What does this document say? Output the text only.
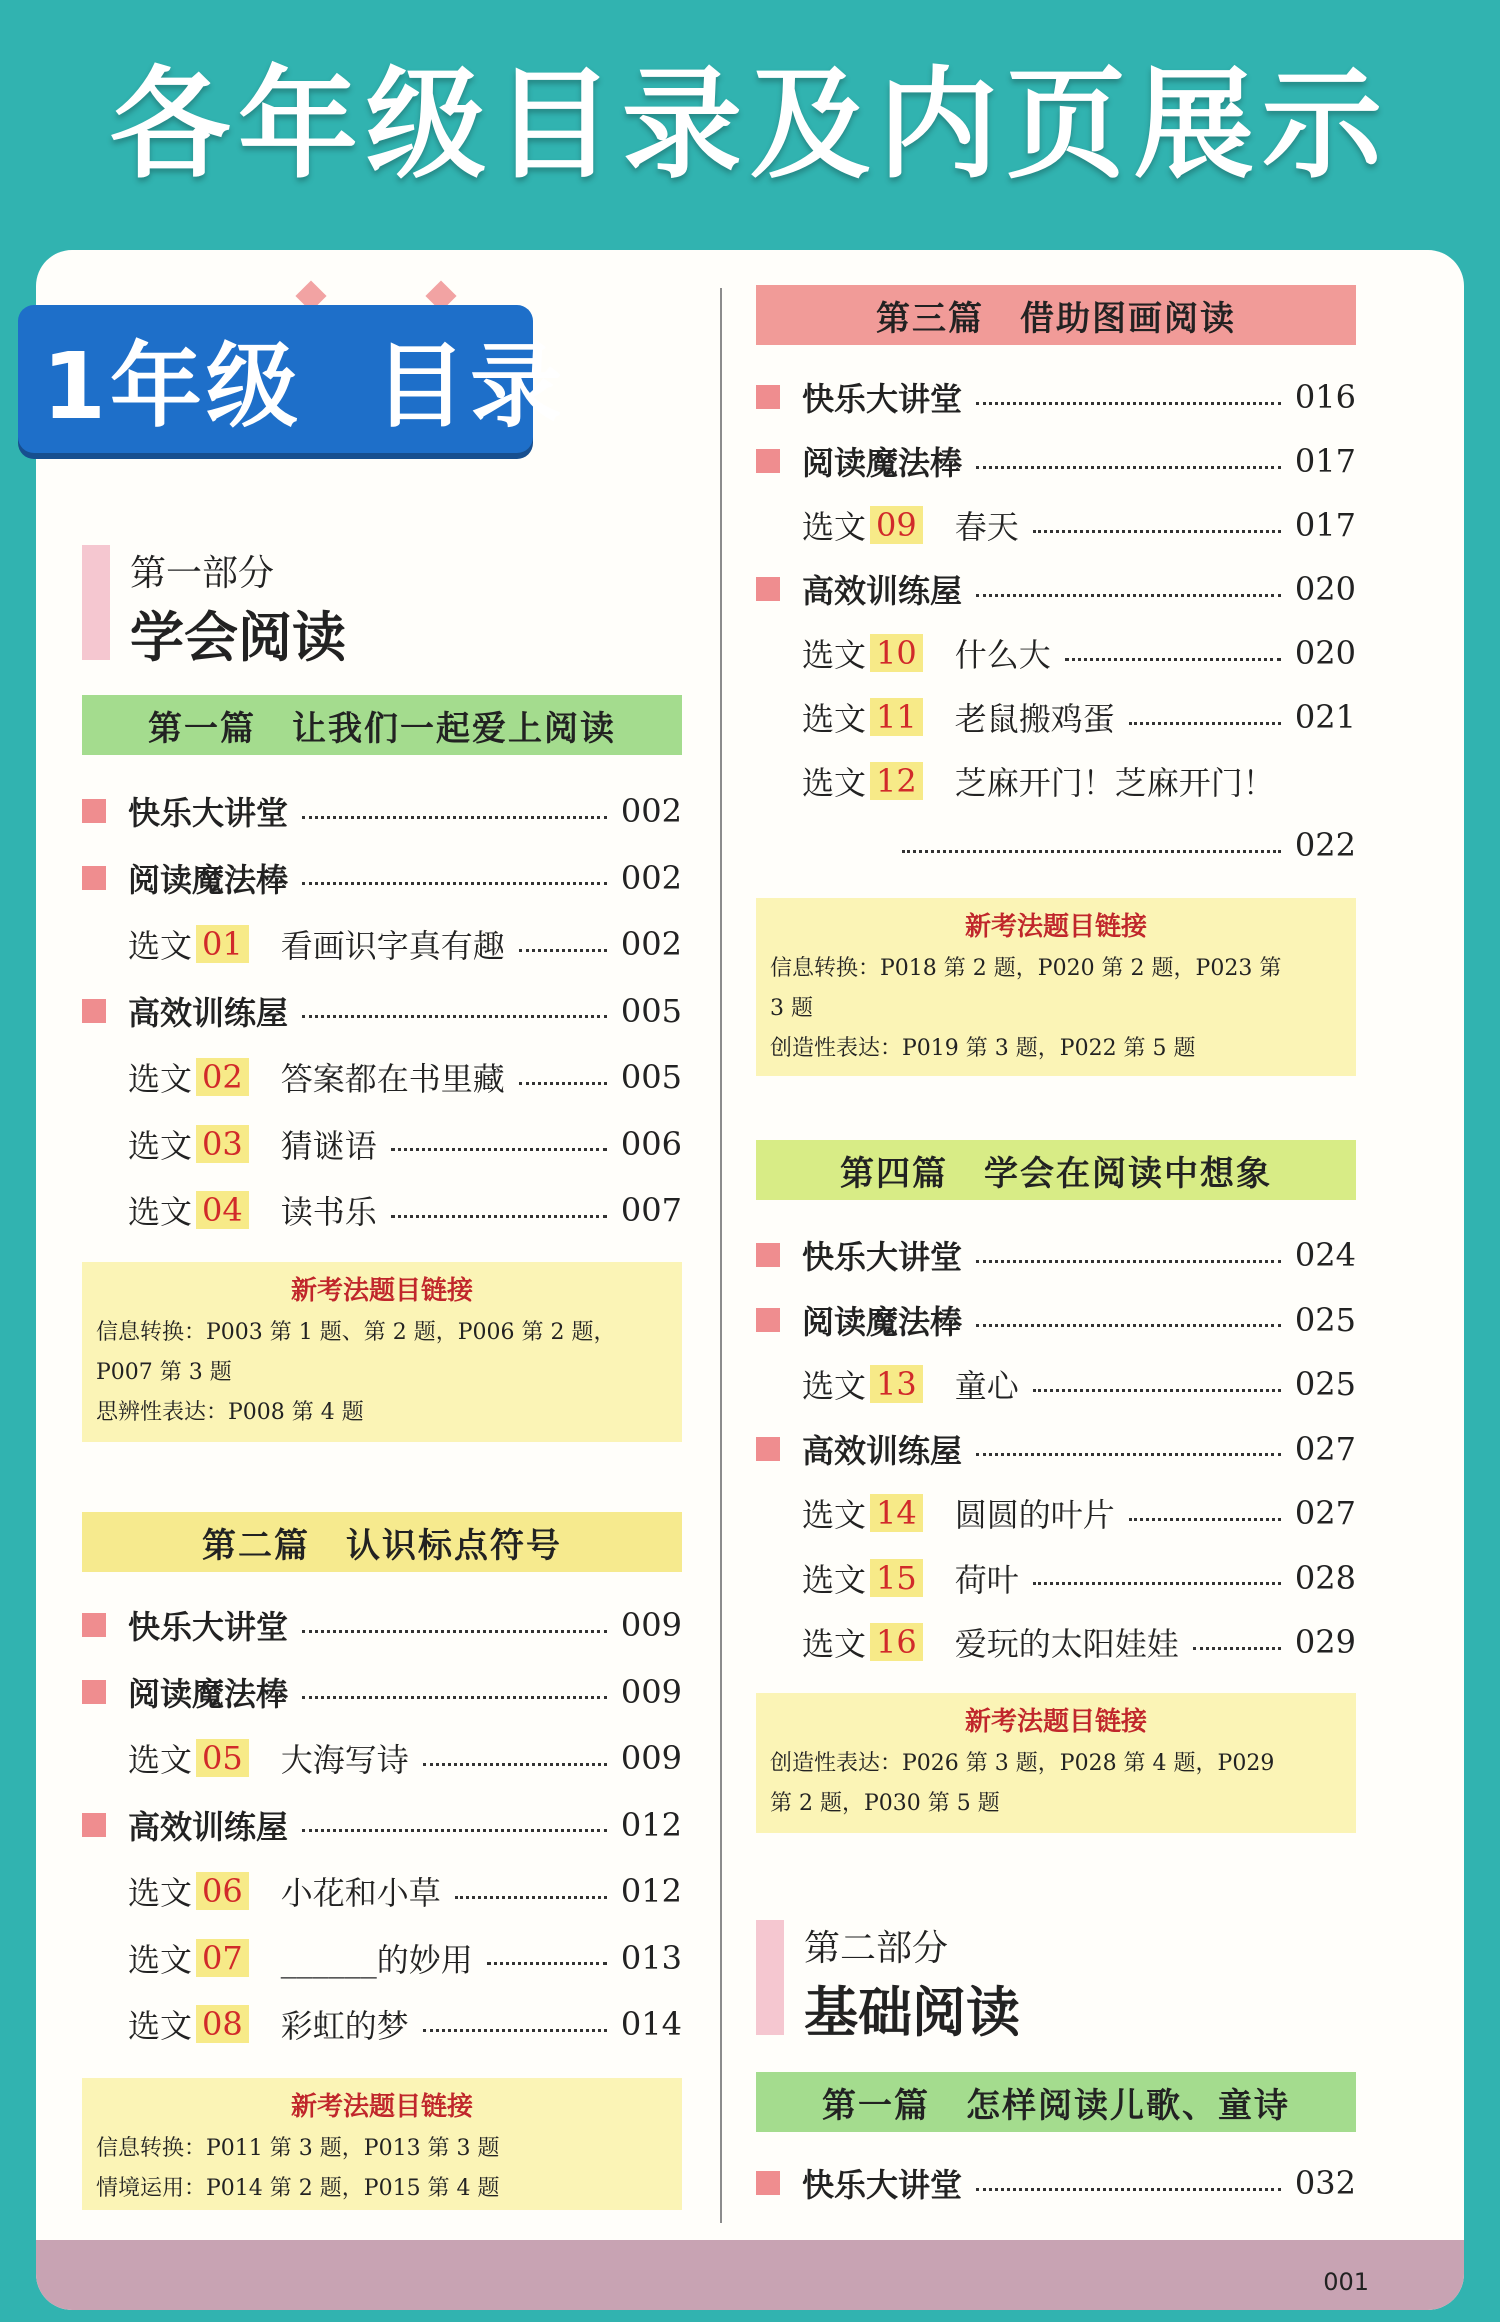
各年级目录及内页展示
001
1年级  目录
第一部分
学会阅读
第一篇　让我们一起爱上阅读
快乐大讲堂	002
阅读魔法棒	002
选文 01 看画识字真有趣	002
高效训练屋	005
选文 02 答案都在书里藏	005
选文 03 猜谜语	006
选文 04 读书乐	007
新考法题目链接
信息转换：P003 第 1 题、第 2 题，P006 第 2 题，
P007 第 3 题
思辨性表达：P008 第 4 题
第二篇　认识标点符号
快乐大讲堂	009
阅读魔法棒	009
选文 05 大海写诗	009
高效训练屋	012
选文 06 小花和小草	012
选文 07 ______的妙用	013
选文 08 彩虹的梦	014
新考法题目链接
信息转换：P011 第 3 题，P013 第 3 题
情境运用：P014 第 2 题，P015 第 4 题
第三篇　借助图画阅读
快乐大讲堂	016
阅读魔法棒	017
选文 09 春天	017
高效训练屋	020
选文 10 什么大	020
选文 11 老鼠搬鸡蛋	021
选文 12 芝麻开门！芝麻开门！
022
新考法题目链接
信息转换：P018 第 2 题，P020 第 2 题，P023 第
3 题
创造性表达：P019 第 3 题，P022 第 5 题
第四篇　学会在阅读中想象
快乐大讲堂	024
阅读魔法棒	025
选文 13 童心	025
高效训练屋	027
选文 14 圆圆的叶片	027
选文 15 荷叶	028
选文 16 爱玩的太阳娃娃	029
新考法题目链接
创造性表达：P026 第 3 题，P028 第 4 题，P029
第 2 题，P030 第 5 题
第二部分
基础阅读
第一篇　怎样阅读儿歌、童诗
快乐大讲堂	032
